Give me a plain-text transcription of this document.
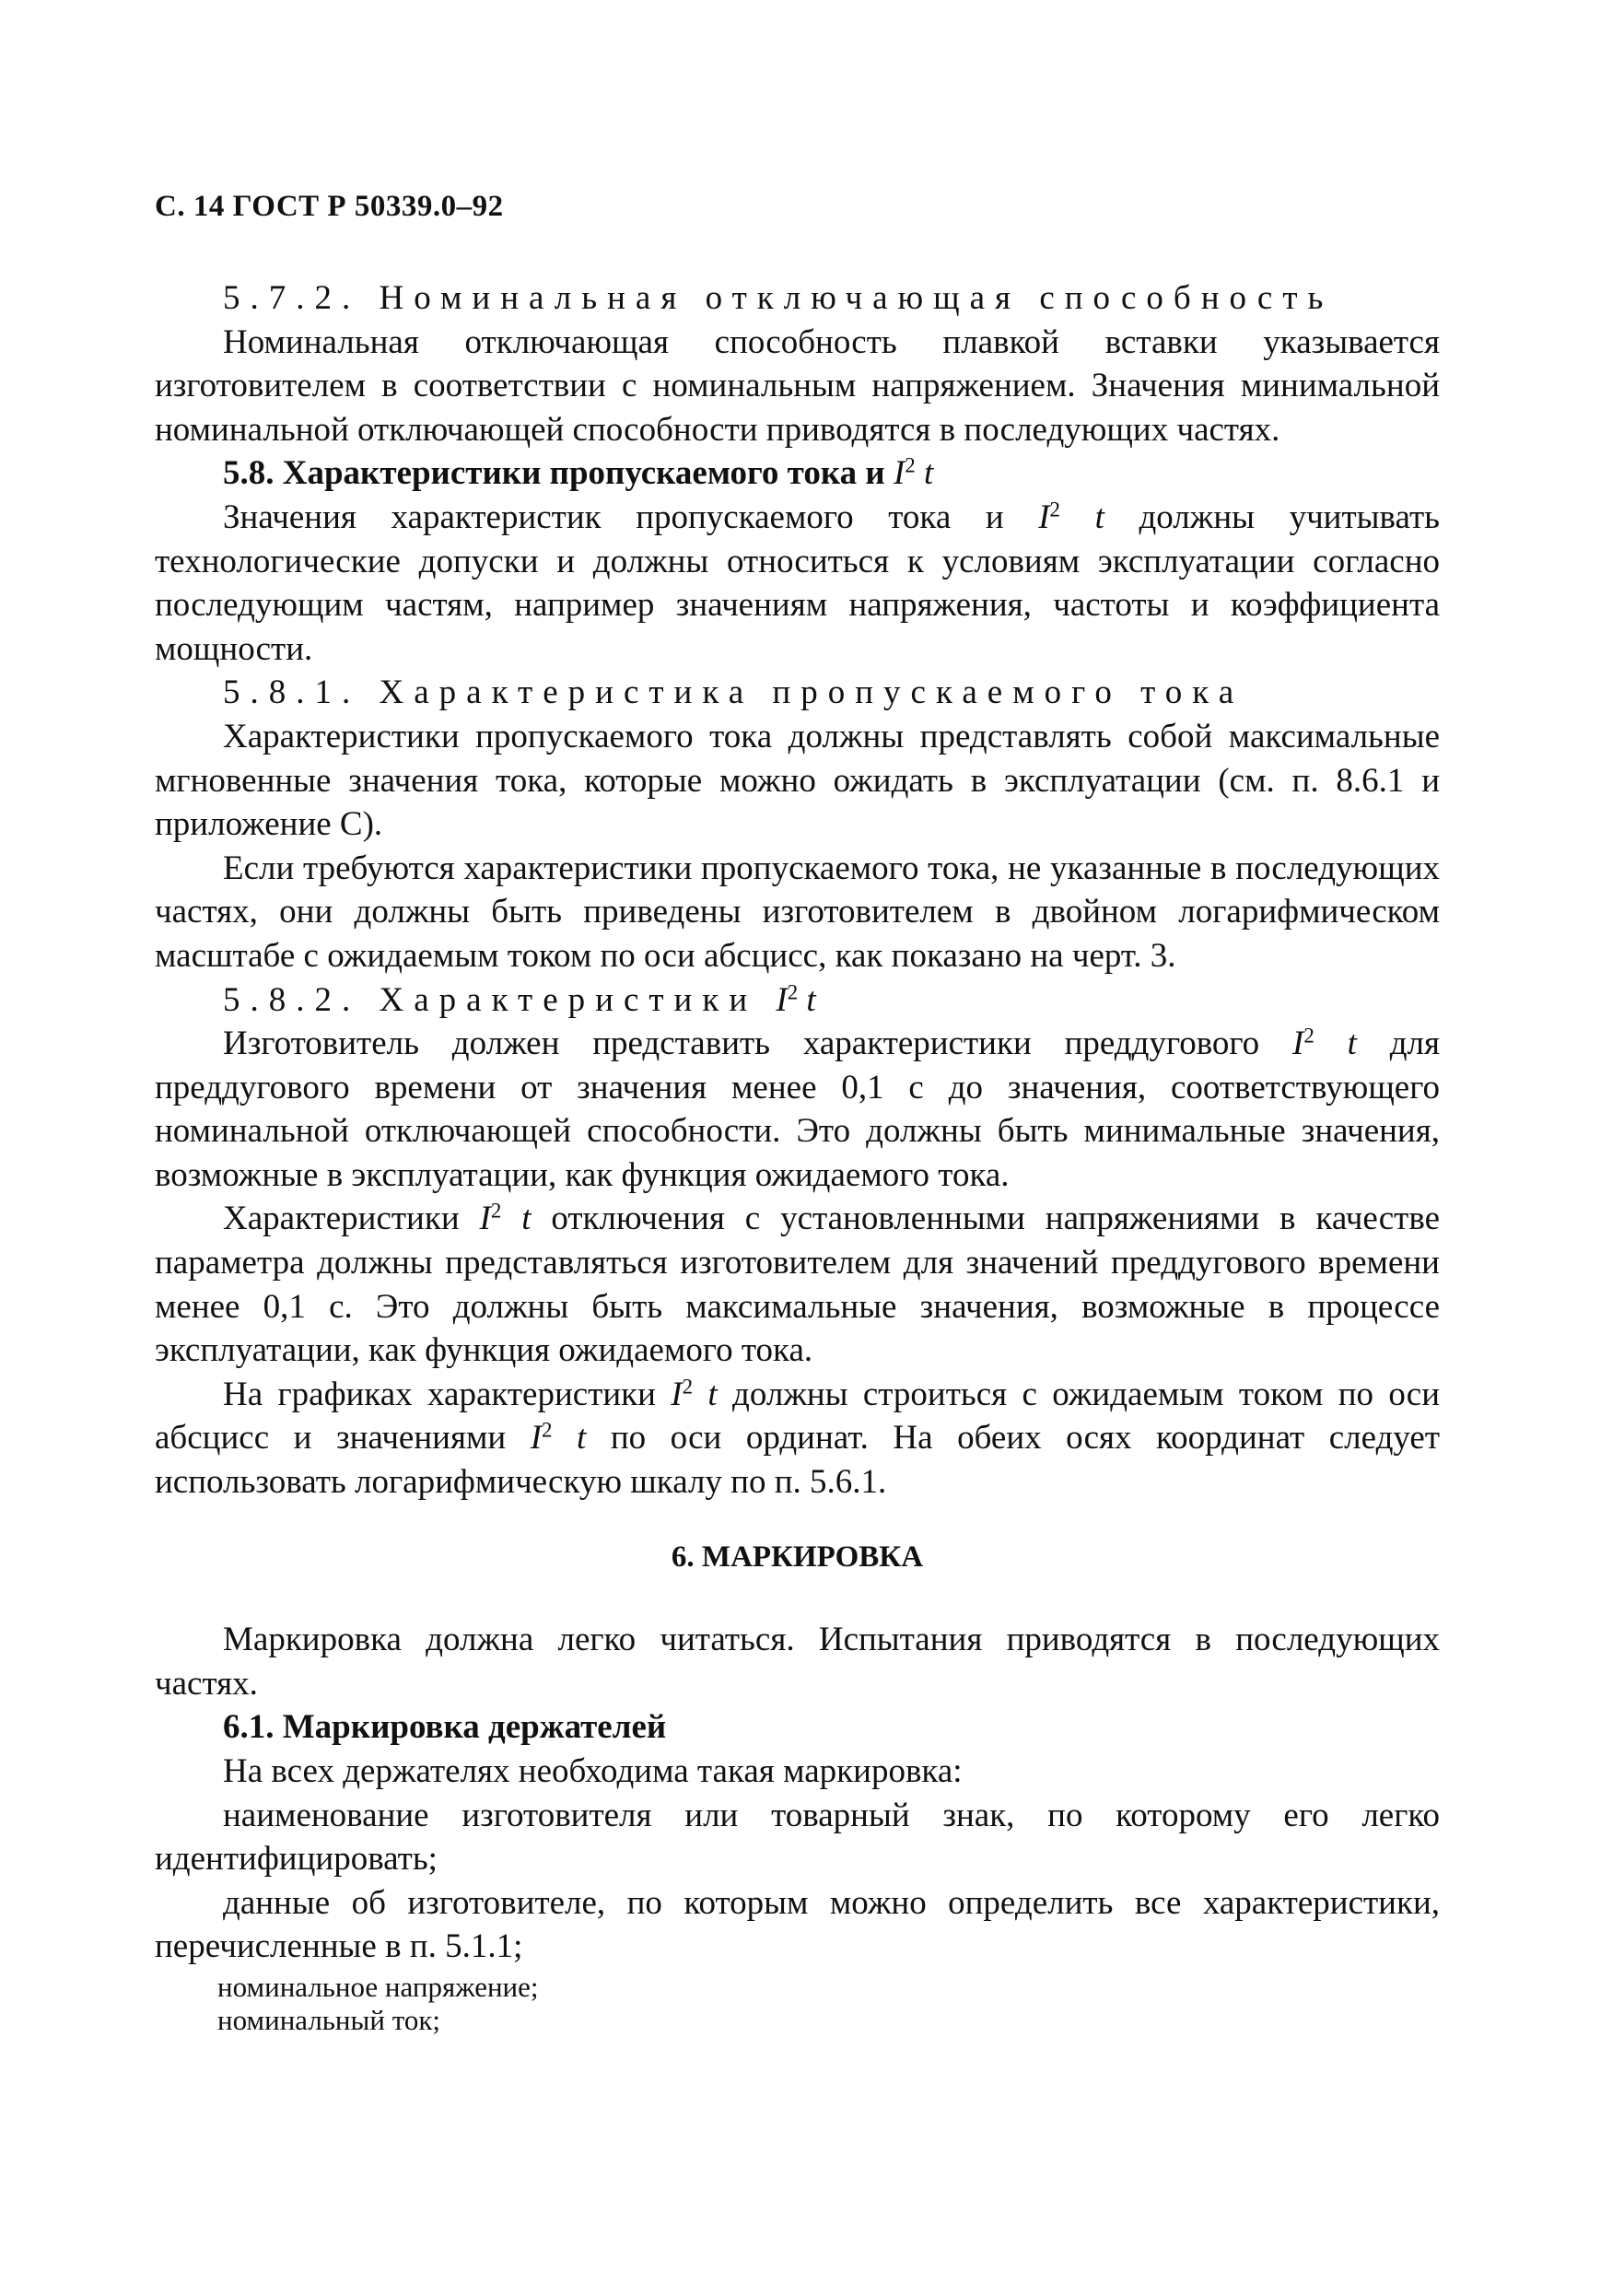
С. 14 ГОСТ Р 50339.0–92

5.7.2. Номинальная отключающая способность

Номинальная отключающая способность плавкой вставки указывается изготовителем в соответствии с номинальным напряжением. Значения минимальной номинальной отключающей способности приводятся в последующих частях.

5.8. Характеристики пропускаемого тока и $I^2$ t

Значения характеристик пропускаемого тока и $I^2$ t должны учитывать технологические допуски и должны относиться к условиям эксплуатации согласно последующим частям, например значениям напряжения, частоты и коэффициента мощности.

5.8.1. Характеристика пропускаемого тока

Характеристики пропускаемого тока должны представлять собой максимальные мгновенные значения тока, которые можно ожидать в эксплуатации (см. п. 8.6.1 и приложение С).

Если требуются характеристики пропускаемого тока, не указанные в последующих частях, они должны быть приведены изготовителем в двойном логарифмическом масштабе с ожидаемым током по оси абсцисс, как показано на черт. 3.

5.8.2. Характеристики $I^2$ t

Изготовитель должен представить характеристики преддугового $I^2$ t для преддугового времени от значения менее 0,1 с до значения, соответствующего номинальной отключающей способности. Это должны быть минимальные значения, возможные в эксплуатации, как функция ожидаемого тока.

Характеристики $I^2$ t отключения с установленными напряжениями в качестве параметра должны представляться изготовителем для значений преддугового времени менее 0,1 с. Это должны быть максимальные значения, возможные в процессе эксплуатации, как функция ожидаемого тока.

На графиках характеристики $I^2$ t должны строиться с ожидаемым током по оси абсцисс и значениями $I^2$ t по оси ординат. На обеих осях координат следует использовать логарифмическую шкалу по п. 5.6.1.

6. МАРКИРОВКА

Маркировка должна легко читаться. Испытания приводятся в последующих частях.

6.1. Маркировка держателей

На всех держателях необходима такая маркировка:

наименование изготовителя или товарный знак, по которому его легко идентифицировать;

данные об изготовителе, по которым можно определить все характеристики, перечисленные в п. 5.1.1;

номинальное напряжение;

номинальный ток;
